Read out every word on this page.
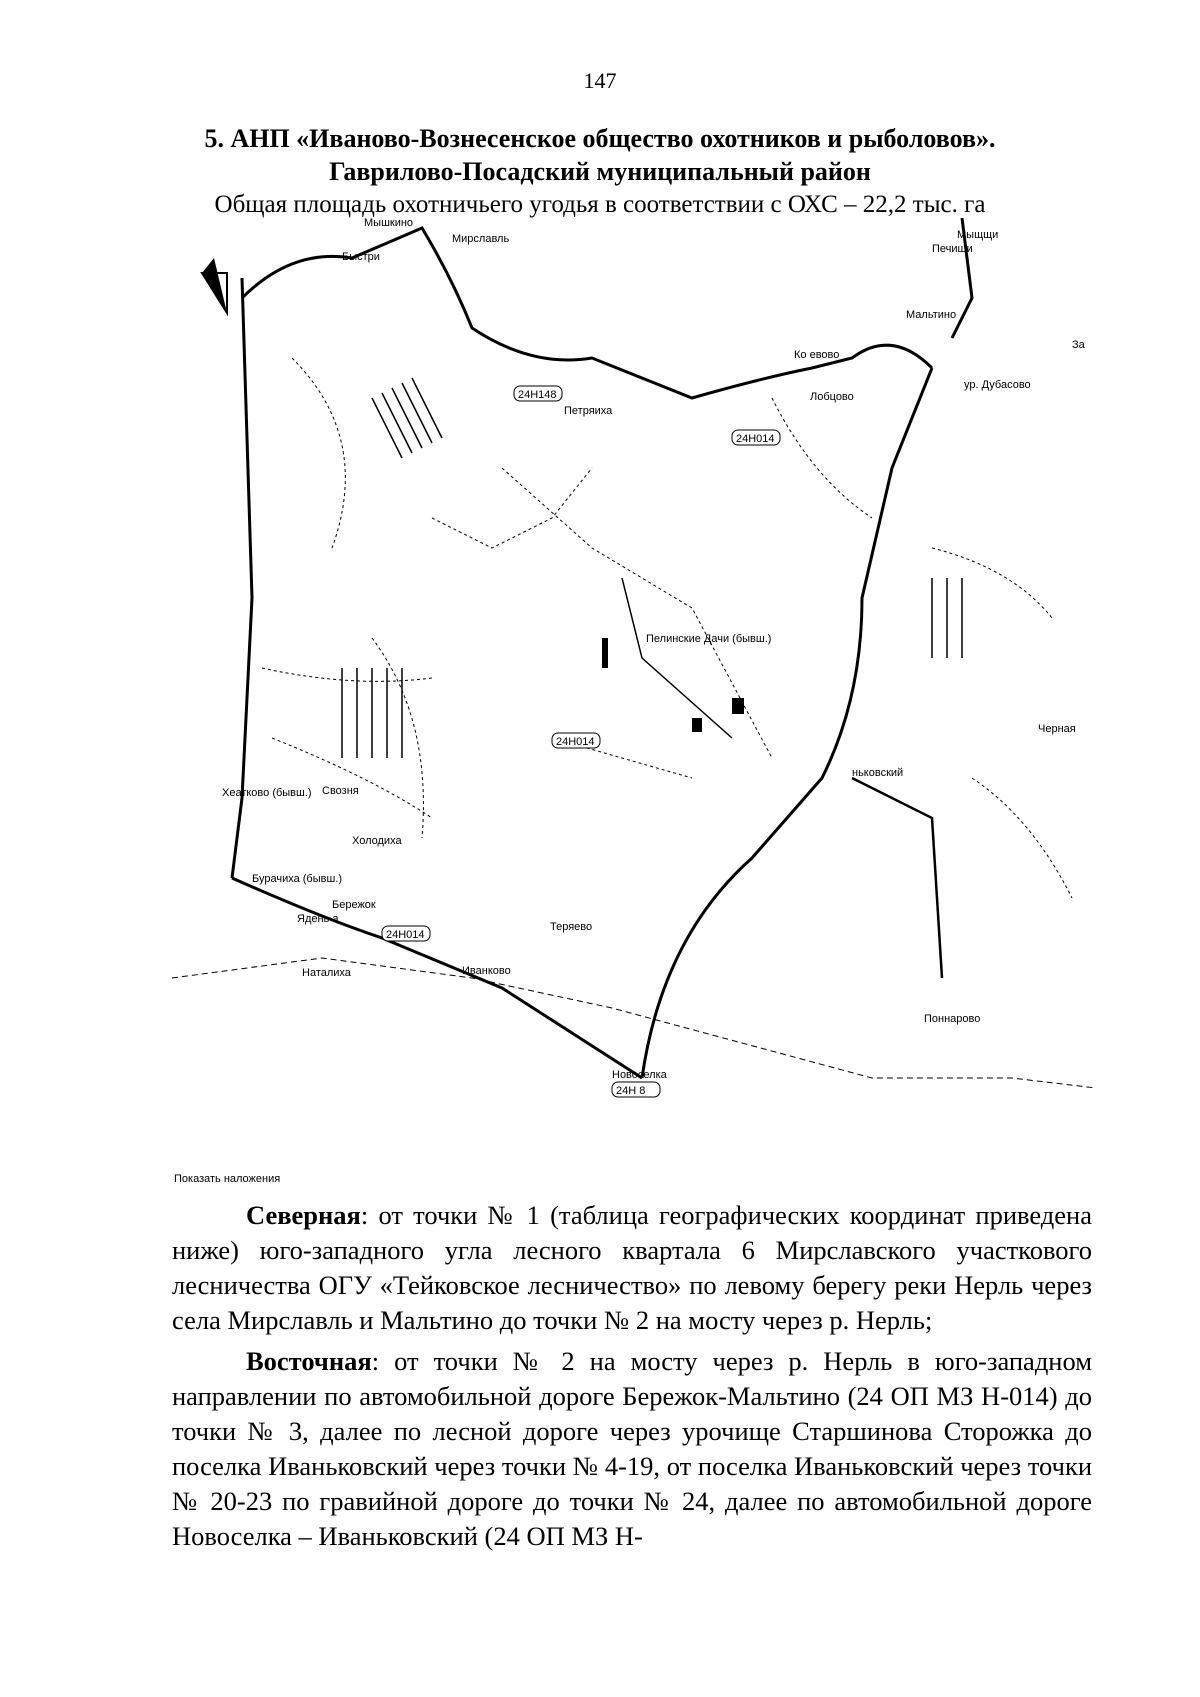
147
5. АНП «Иваново-Вознесенское общество охотников и рыболовов».
Гаврилово-Посадский муниципальный район
Общая площадь охотничьего угодья в соответствии с ОХС – 22,2 тыс. га
Мышкино
Мирславль
Быстри
Мыщщи
Печищи
Мальтино
За
Ко евово
Лобцово
ур. Дубасово
Петряиха
Пелинские Дачи (бывш.)
Черная
ньковский
Хеатково (бывш.) Свозня
Холодиха
Бурачиха (бывш.)
Бережок
Ядень а
Теряево
Наталиха	Иванково
Новоселка
Поннарово
Показать наложения
24Н148
24Н014
24Н014
24Н014
24Н 8

Северная: от точки № 1 (таблица географических координат приведена ниже) юго-западного угла лесного квартала 6 Мирславского участкового лесничества ОГУ «Тейковское лесничество» по левому берегу реки Нерль через села Мирславль и Мальтино до точки № 2 на мосту через р. Нерль;

Восточная: от точки № 2 на мосту через р. Нерль в юго-западном направлении по автомобильной дороге Бережок-Мальтино (24 ОП МЗ Н-014) до точки № 3, далее по лесной дороге через урочище Старшинова Сторожка до поселка Иваньковский через точки № 4-19, от поселка Иваньковский через точки № 20-23 по гравийной дороге до точки № 24, далее по автомобильной дороге Новоселка – Иваньковский (24 ОП МЗ Н-
